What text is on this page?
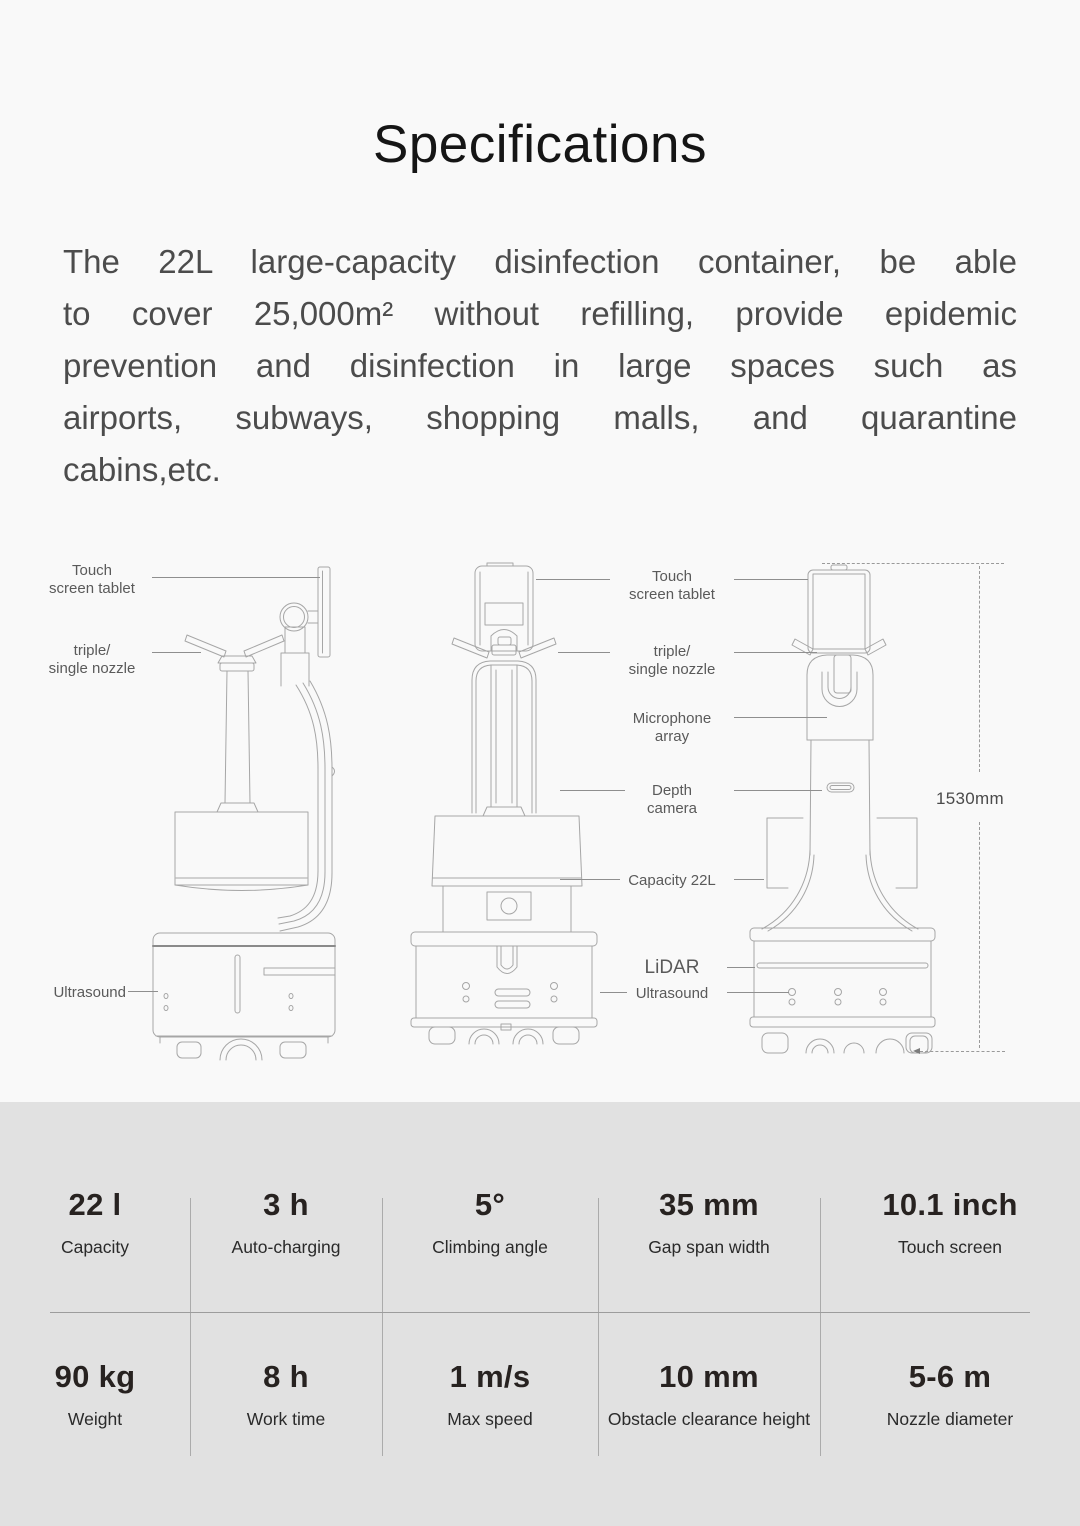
Specifications
The 22L large-capacity disinfection container, be able
to cover 25,000m² without refilling, provide epidemic
prevention and disinfection in large spaces such as
airports, subways, shopping malls, and quarantine
cabins,etc.
Touch
screen tablet
triple/
single nozzle
Ultrasound
Touch
screen tablet
triple/
single nozzle
Microphone
array
Depth
camera
Capacity 22L
LiDAR
Ultrasound
1530mm
22 l
Capacity
3 h
Auto-charging
5°
Climbing angle
35 mm
Gap span width
10.1 inch
Touch screen
90 kg
Weight
8 h
Work time
1 m/s
Max speed
10 mm
Obstacle clearance height
5-6 m
Nozzle diameter
